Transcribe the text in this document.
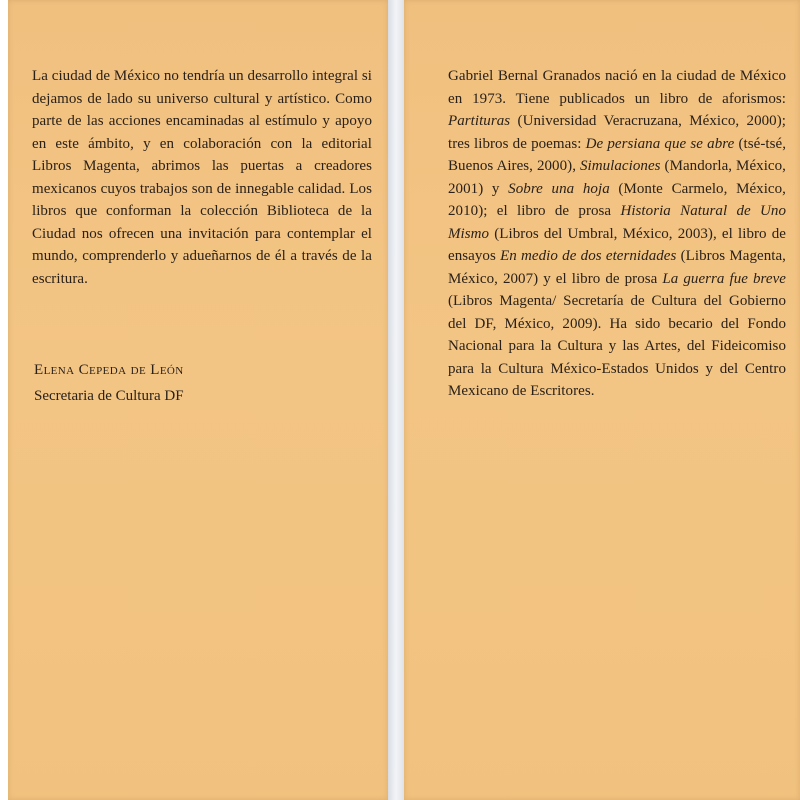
La ciudad de México no tendría un desarrollo integral si dejamos de lado su universo cultural y artístico. Como parte de las acciones encaminadas al estímulo y apoyo en este ámbito, y en colaboración con la editorial Libros Magenta, abrimos las puertas a creadores mexicanos cuyos trabajos son de innegable calidad. Los libros que conforman la colección Biblioteca de la Ciudad nos ofrecen una invitación para contemplar el mundo, comprenderlo y adueñarnos de él a través de la escritura.

Elena Cepeda de León
Secretaria de Cultura DF

Gabriel Bernal Granados nació en la ciudad de México en 1973. Tiene publicados un libro de aforismos: Partituras (Universidad Veracruzana, México, 2000); tres libros de poemas: De persiana que se abre (tsé-tsé, Buenos Aires, 2000), Simulaciones (Mandorla, México, 2001) y Sobre una hoja (Monte Carmelo, México, 2010); el libro de prosa Historia Natural de Uno Mismo (Libros del Umbral, México, 2003), el libro de ensayos En medio de dos eternidades (Libros Magenta, México, 2007) y el libro de prosa La guerra fue breve (Libros Magenta/ Secretaría de Cultura del Gobierno del DF, México, 2009). Ha sido becario del Fondo Nacional para la Cultura y las Artes, del Fideicomiso para la Cultura México-Estados Unidos y del Centro Mexicano de Escritores.
